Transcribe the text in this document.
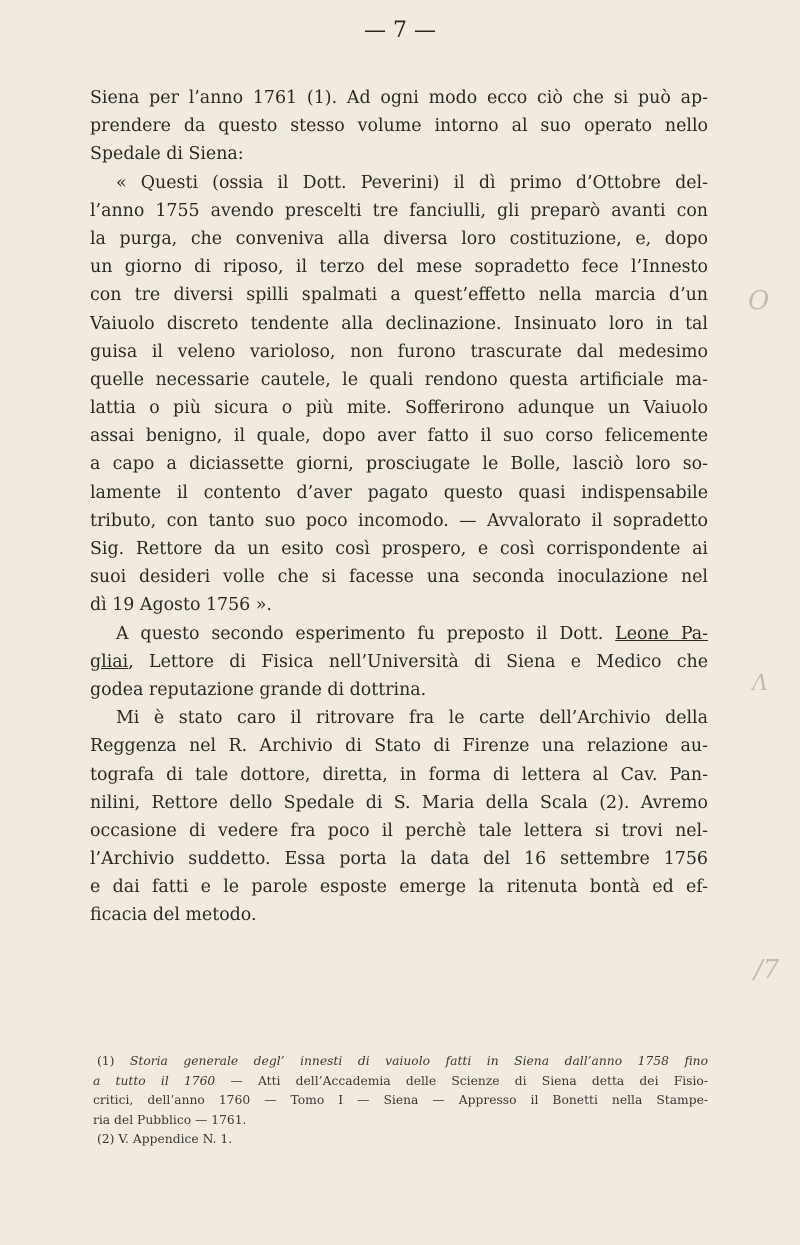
— 7 —
O
Λ
/7
Siena per l’anno 1761 (1). Ad ogni modo ecco ciò che si può ap-
prendere da questo stesso volume intorno al suo operato nello
Spedale di Siena:
« Questi (ossia il Dott. Peverini) il dì primo d’Ottobre del-
l’anno 1755 avendo prescelti tre fanciulli, gli preparò avanti con
la purga, che conveniva alla diversa loro costituzione, e, dopo
un giorno di riposo, il terzo del mese sopradetto fece l’Innesto
con tre diversi spilli spalmati a quest’effetto nella marcia d’un
Vaiuolo discreto tendente alla declinazione. Insinuato loro in tal
guisa il veleno varioloso, non furono trascurate dal medesimo
quelle necessarie cautele, le quali rendono questa artificiale ma-
lattia o più sicura o più mite. Sofferirono adunque un Vaiuolo
assai benigno, il quale, dopo aver fatto il suo corso felicemente
a capo a diciassette giorni, prosciugate le Bolle, lasciò loro so-
lamente il contento d’aver pagato questo quasi indispensabile
tributo, con tanto suo poco incomodo. — Avvalorato il sopradetto
Sig. Rettore da un esito così prospero, e così corrispondente ai
suoi desideri volle che si facesse una seconda inoculazione nel
dì 19 Agosto 1756 ».
A questo secondo esperimento fu preposto il Dott. Leone Pa-
gliai, Lettore di Fisica nell’Università di Siena e Medico che
godea reputazione grande di dottrina.
Mi è stato caro il ritrovare fra le carte dell’Archivio della
Reggenza nel R. Archivio di Stato di Firenze una relazione au-
tografa di tale dottore, diretta, in forma di lettera al Cav. Pan-
nilini, Rettore dello Spedale di S. Maria della Scala (2). Avremo
occasione di vedere fra poco il perchè tale lettera si trovi nel-
l’Archivio suddetto. Essa porta la data del 16 settembre 1756
e dai fatti e le parole esposte emerge la ritenuta bontà ed ef-
ficacia del metodo.
(1) Storia generale degl’ innesti di vaiuolo fatti in Siena dall’anno 1758 fino
a tutto il 1760 — Atti dell’Accademia delle Scienze di Siena detta dei Fisio-
critici, dell’anno 1760 — Tomo I — Siena — Appresso il Bonetti nella Stampe-
ria del Pubblico — 1761.
(2) V. Appendice N. 1.
